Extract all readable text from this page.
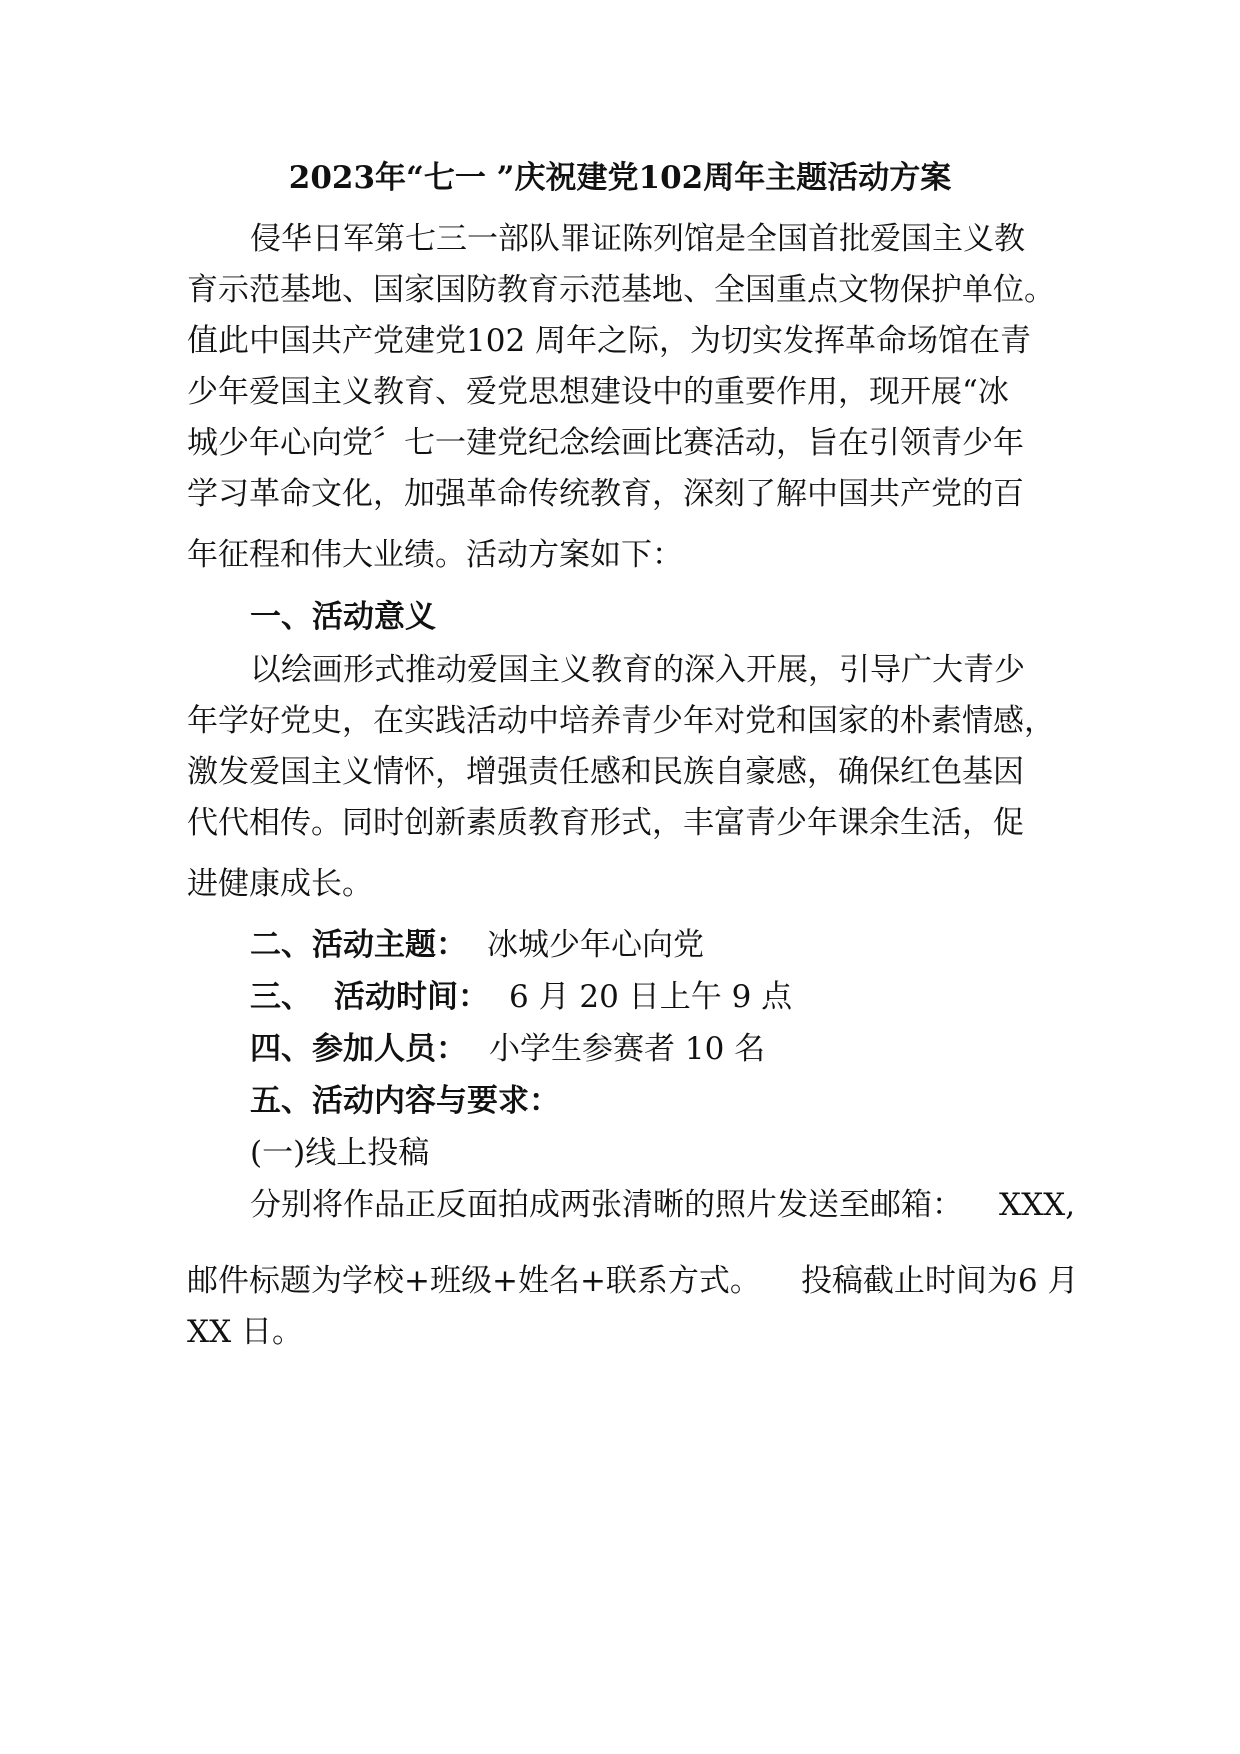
2023年“七一 ”庆祝建党102周年主题活动方案
侵华日军第七三一部队罪证陈列馆是全国首批爱国主义教
育示范基地、国家国防教育示范基地、全国重点文物保护单位。
值此中国共产党建党102 周年之际，为切实发挥革命场馆在青
少年爱国主义教育、爱党思想建设中的重要作用，现开展“冰
城少年心向党〞七一建党纪念绘画比赛活动，旨在引领青少年
学习革命文化，加强革命传统教育，深刻了解中国共产党的百
年征程和伟大业绩。活动方案如下：
一、活动意义
以绘画形式推动爱国主义教育的深入开展，引导广大青少
年学好党史，在实践活动中培养青少年对党和国家的朴素情感，
激发爱国主义情怀，增强责任感和民族自豪感，确保红色基因
代代相传。同时创新素质教育形式，丰富青少年课余生活，促
进健康成长。
二、活动主题： 冰城少年心向党
三、 活动时间： 6 月 20 日上午 9 点
四、参加人员： 小学生参赛者 10 名
五、活动内容与要求：
(一)线上投稿
分别将作品正反面拍成两张清晰的照片发送至邮箱： XXX,
邮件标题为学校+班级+姓名+联系方式。 投稿截止时间为6 月
XX 日。
